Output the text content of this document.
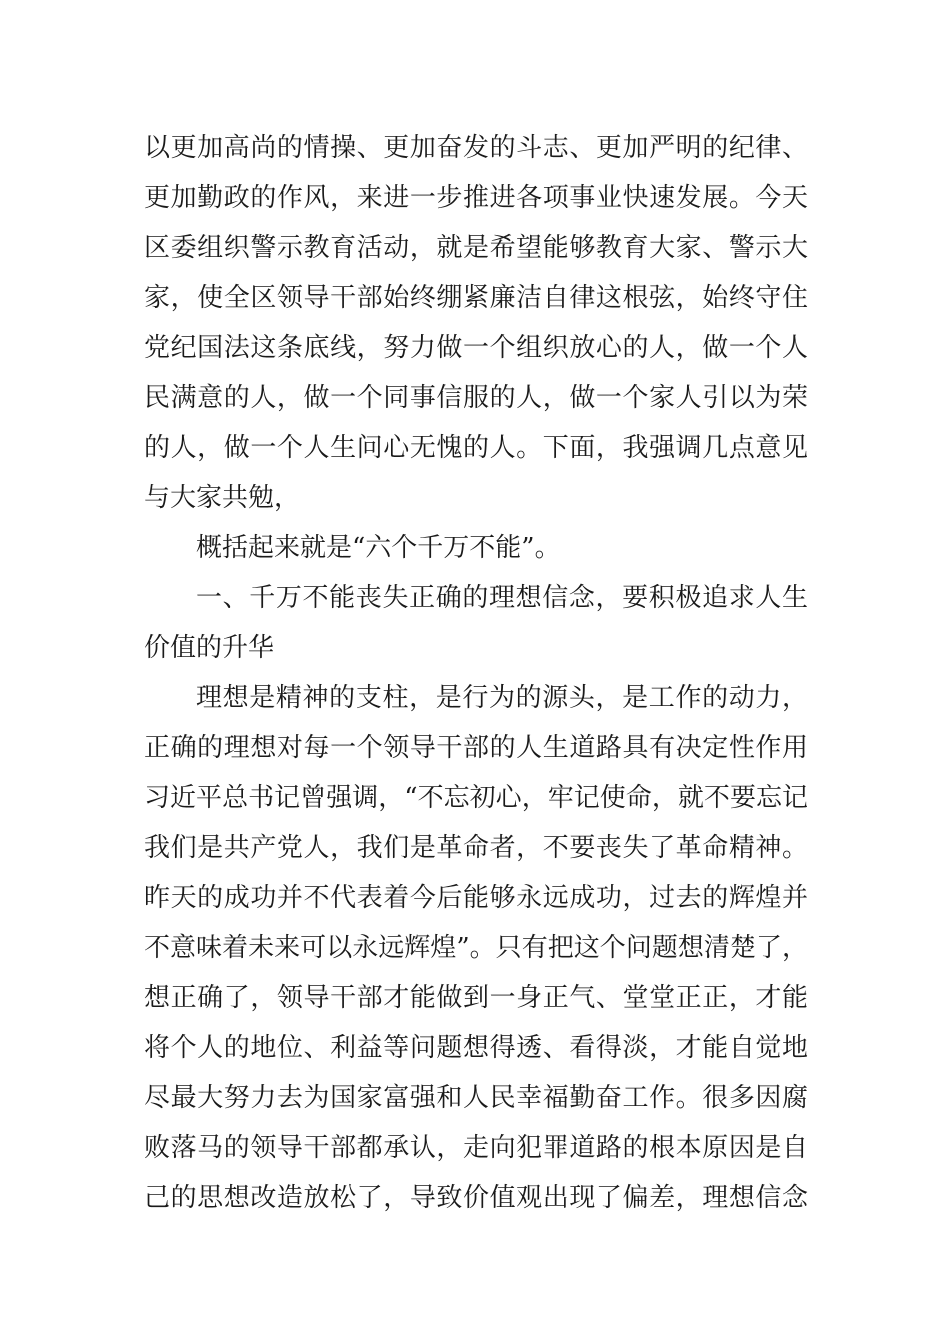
以更加高尚的情操、更加奋发的斗志、更加严明的纪律、
更加勤政的作风，来进一步推进各项事业快速发展。今天
区委组织警示教育活动，就是希望能够教育大家、警示大
家，使全区领导干部始终绷紧廉洁自律这根弦，始终守住
党纪国法这条底线，努力做一个组织放心的人，做一个人
民满意的人，做一个同事信服的人，做一个家人引以为荣
的人，做一个人生问心无愧的人。下面，我强调几点意见
与大家共勉，
概括起来就是“六个千万不能”。
一、千万不能丧失正确的理想信念，要积极追求人生
价值的升华
理想是精神的支柱，是行为的源头，是工作的动力，
正确的理想对每一个领导干部的人生道路具有决定性作用
习近平总书记曾强调，“不忘初心，牢记使命，就不要忘记
我们是共产党人，我们是革命者，不要丧失了革命精神。
昨天的成功并不代表着今后能够永远成功，过去的辉煌并
不意味着未来可以永远辉煌”。只有把这个问题想清楚了，
想正确了，领导干部才能做到一身正气、堂堂正正，才能
将个人的地位、利益等问题想得透、看得淡，才能自觉地
尽最大努力去为国家富强和人民幸福勤奋工作。很多因腐
败落马的领导干部都承认，走向犯罪道路的根本原因是自
己的思想改造放松了，导致价值观出现了偏差，理想信念
